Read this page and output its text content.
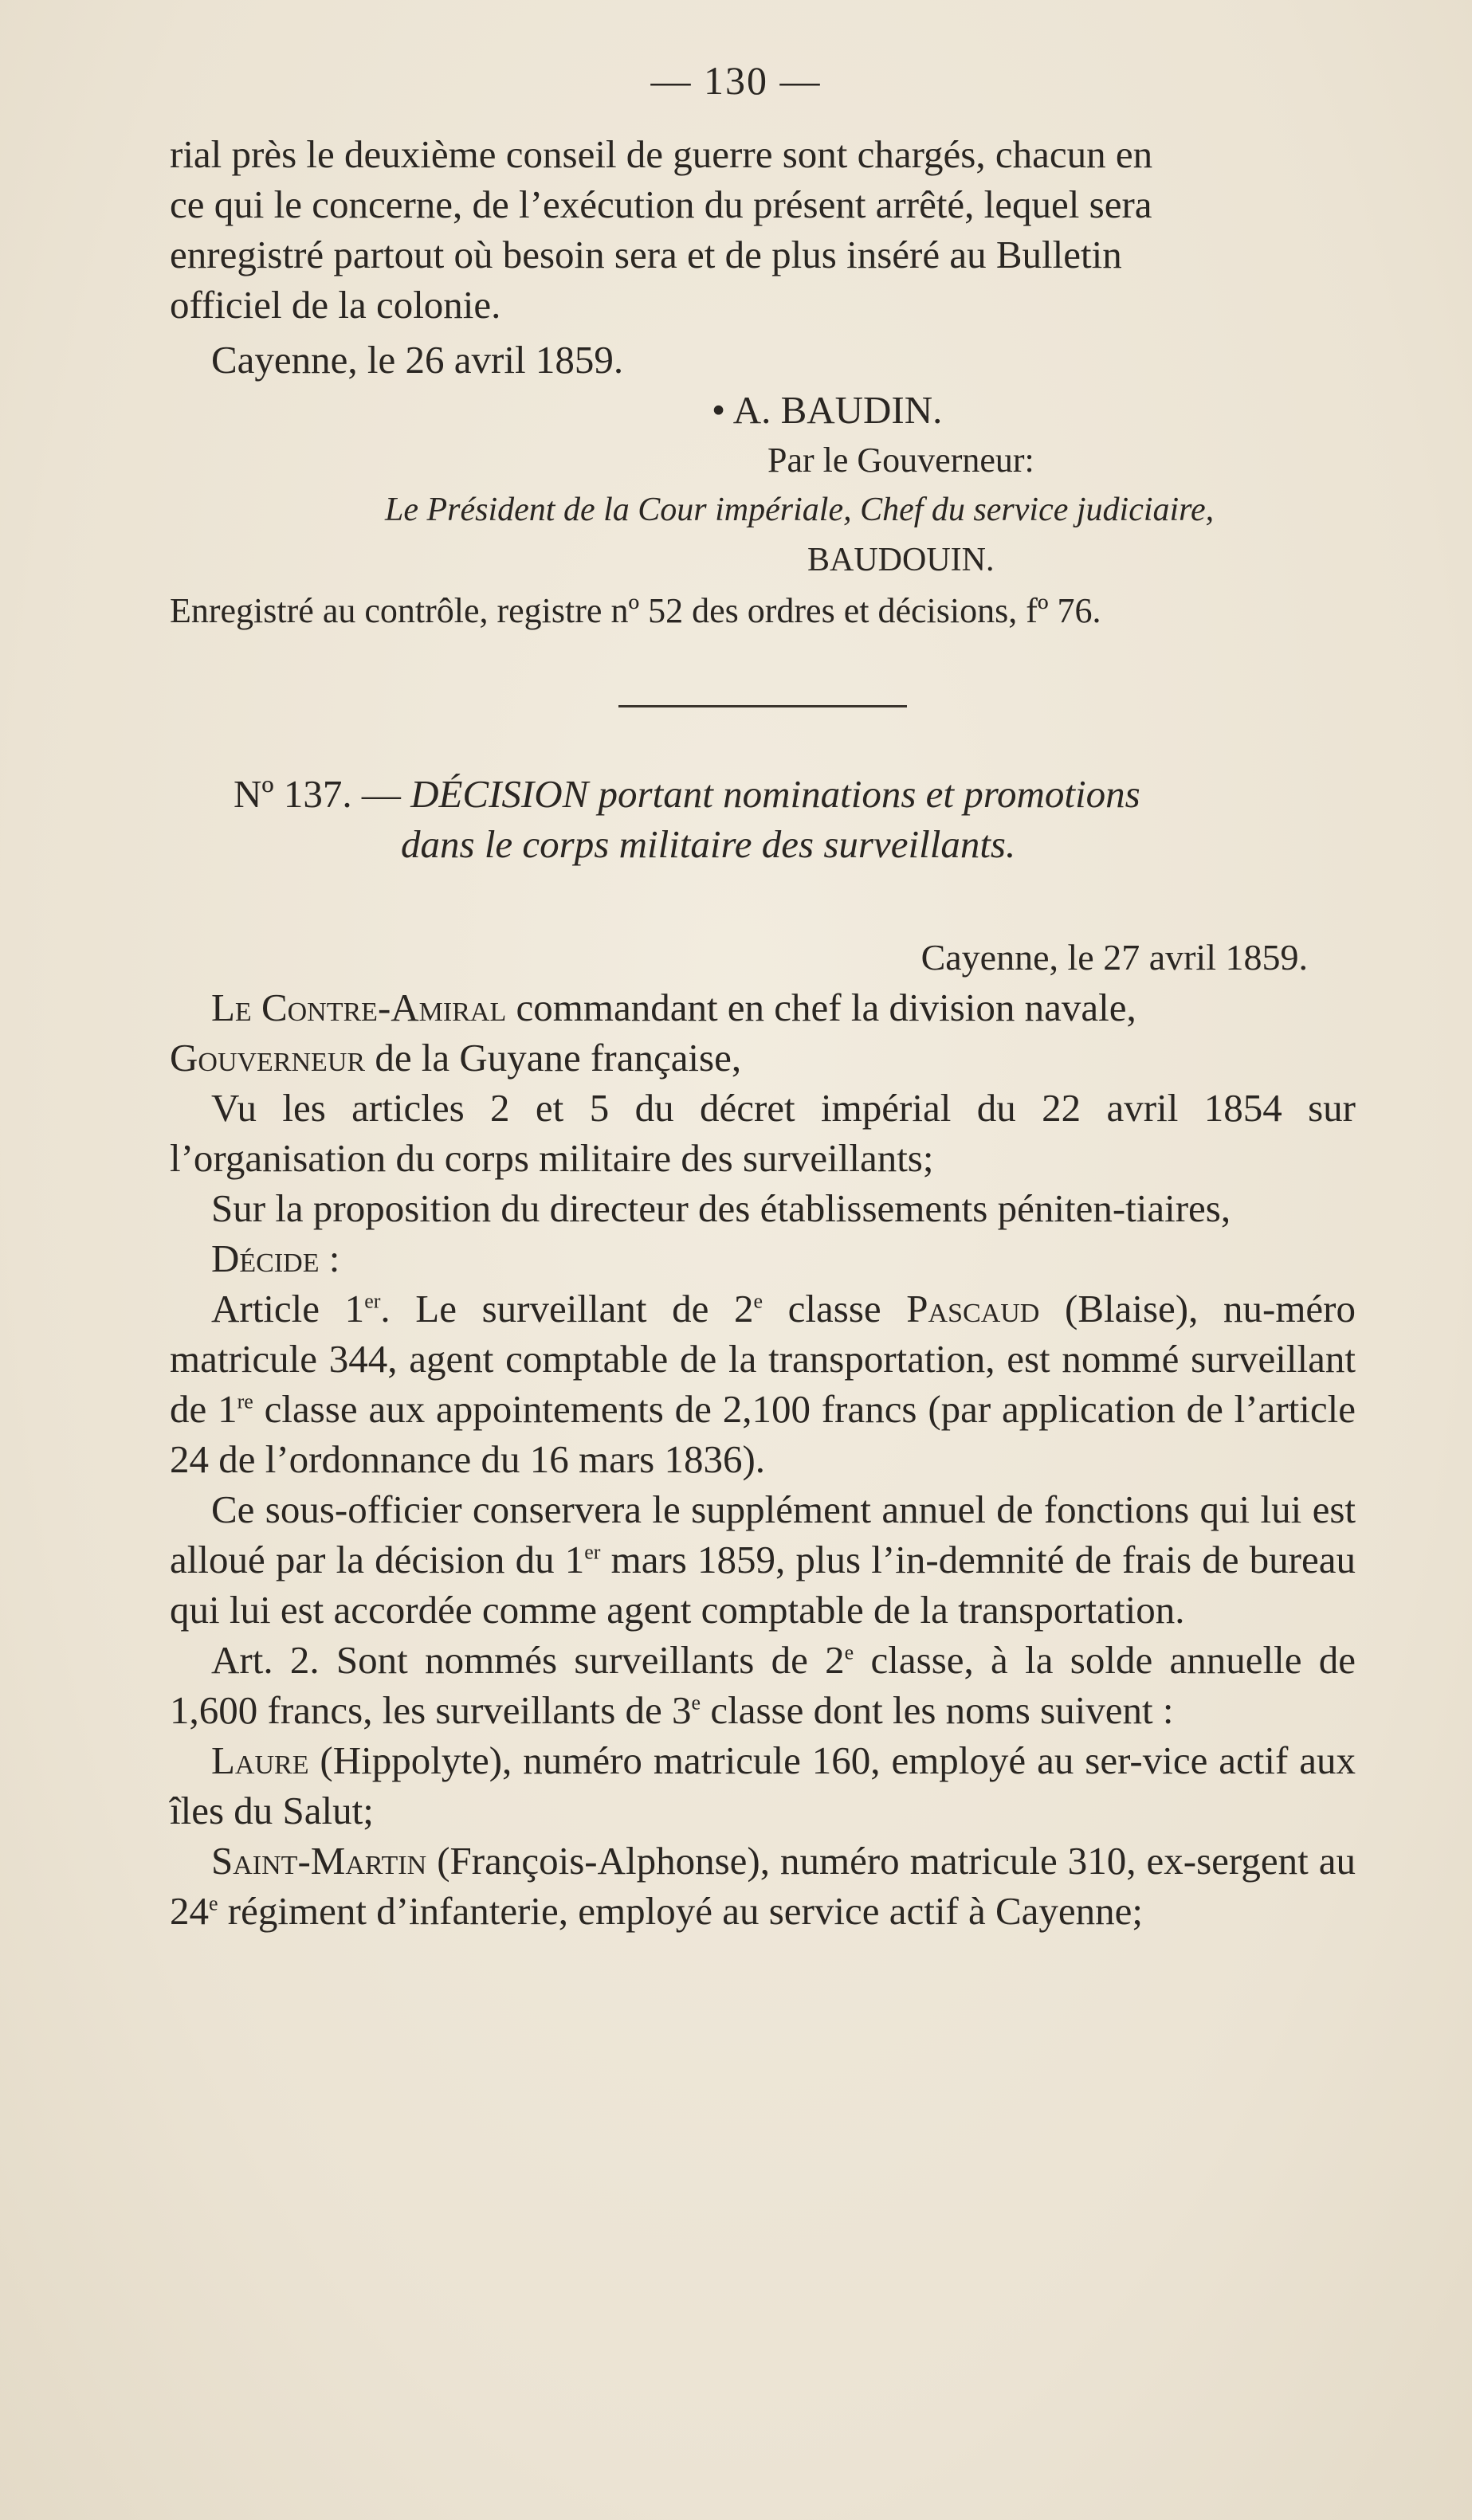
— 130 —

rial près le deuxième conseil de guerre sont chargés, chacun en

ce qui le concerne, de l’exécution du présent arrêté, lequel sera

enregistré partout où besoin sera et de plus inséré au Bulletin

officiel de la colonie.

Cayenne, le 26 avril 1859.

• A. BAUDIN.

Par le Gouverneur:

Le Président de la Cour impériale, Chef du service judiciaire,

BAUDOUIN.

Enregistré au contrôle, registre nº 52 des ordres et décisions, fº 76.

Nº 137. — DÉCISION portant nominations et promotions

dans le corps militaire des surveillants.

Cayenne, le 27 avril 1859.

Le Contre-Amiral commandant en chef la division navale,

Gouverneur de la Guyane française,

Vu les articles 2 et 5 du décret impérial du 22 avril 1854 sur l’organisation du corps militaire des surveillants;

Sur la proposition du directeur des établissements péniten-tiaires,

Décide :

Article 1er. Le surveillant de 2e classe Pascaud (Blaise), nu-méro matricule 344, agent comptable de la transportation, est nommé surveillant de 1re classe aux appointements de 2,100 francs (par application de l’article 24 de l’ordonnance du 16 mars 1836).

Ce sous-officier conservera le supplément annuel de fonctions qui lui est alloué par la décision du 1er mars 1859, plus l’in-demnité de frais de bureau qui lui est accordée comme agent comptable de la transportation.

Art. 2. Sont nommés surveillants de 2e classe, à la solde annuelle de 1,600 francs, les surveillants de 3e classe dont les noms suivent :

Laure (Hippolyte), numéro matricule 160, employé au ser-vice actif aux îles du Salut;

Saint-Martin (François-Alphonse), numéro matricule 310, ex-sergent au 24e régiment d’infanterie, employé au service actif à Cayenne;
